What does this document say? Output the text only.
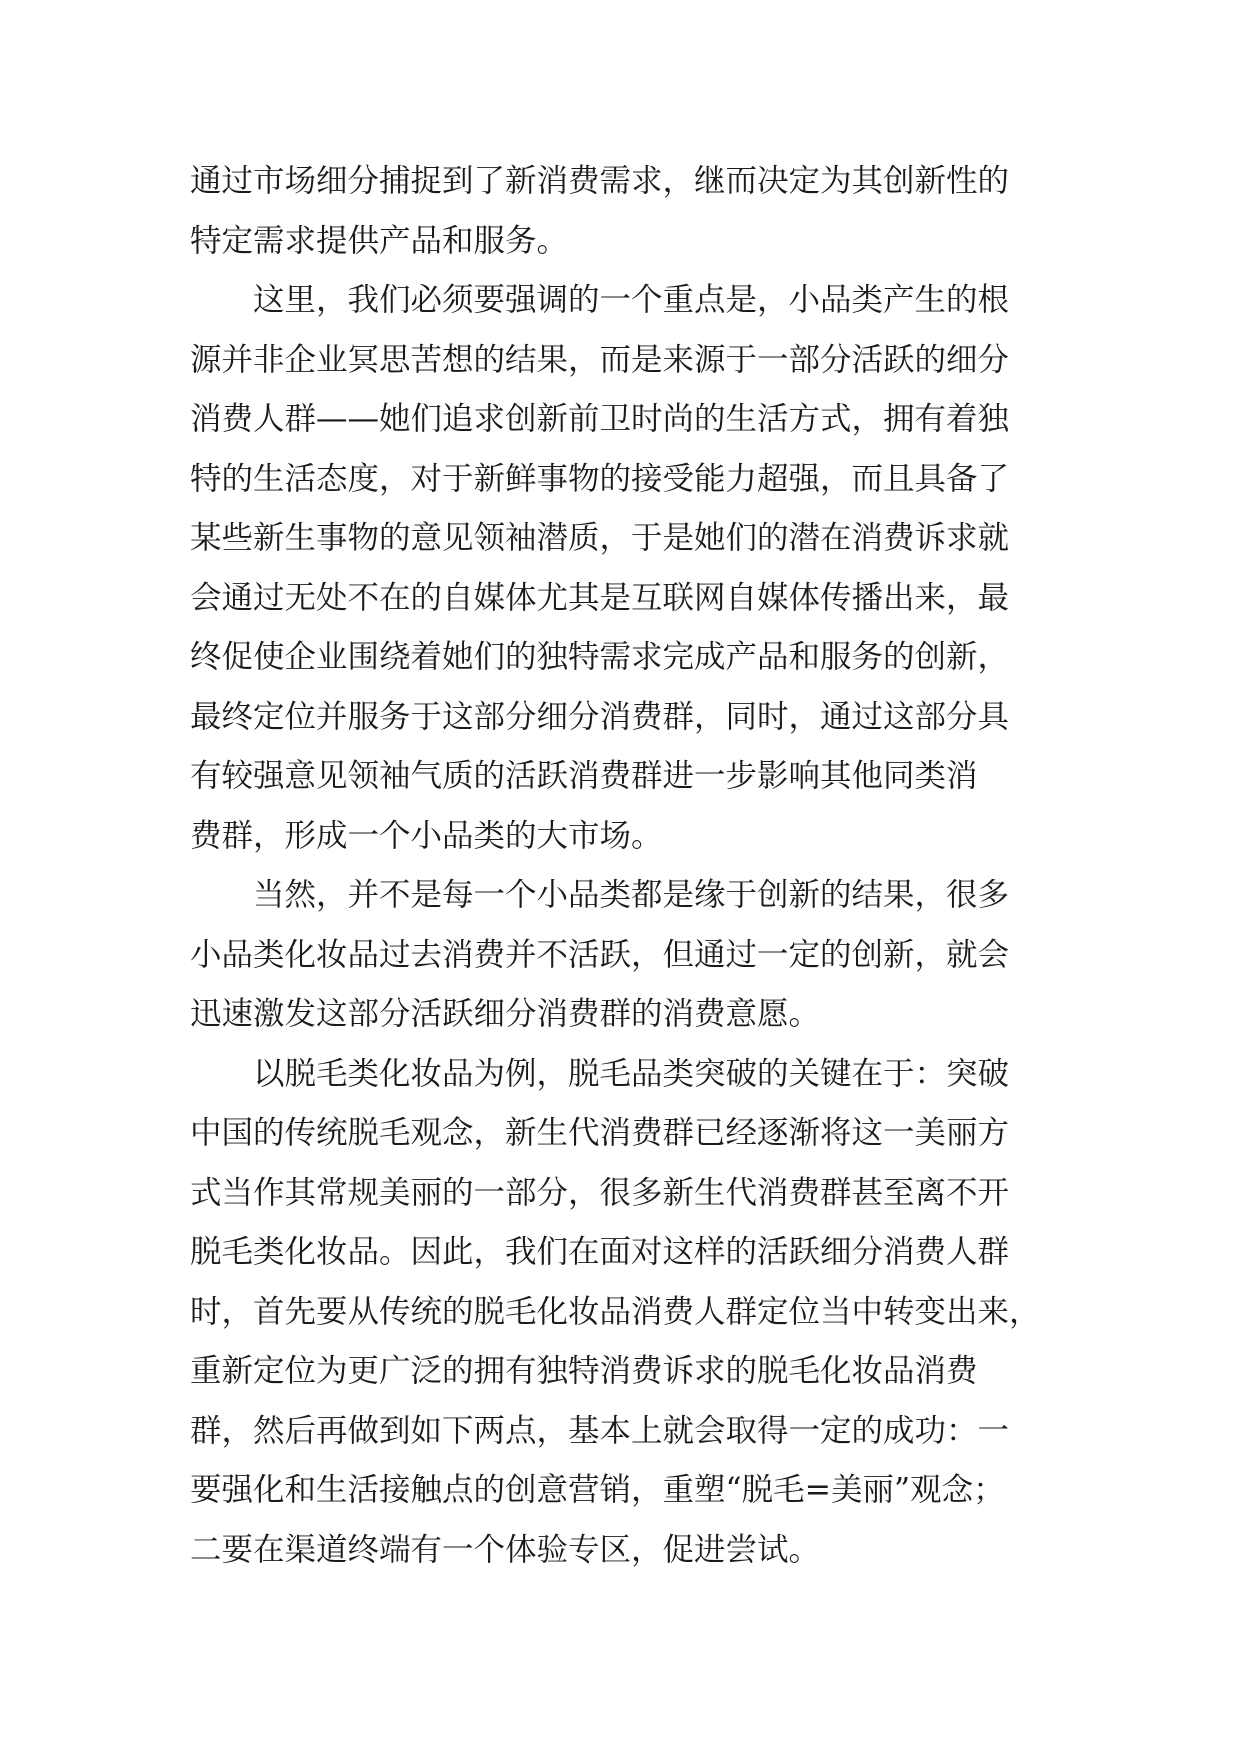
通过市场细分捕捉到了新消费需求，继而决定为其创新性的
特定需求提供产品和服务。
这里，我们必须要强调的一个重点是，小品类产生的根
源并非企业冥思苦想的结果，而是来源于一部分活跃的细分
消费人群——她们追求创新前卫时尚的生活方式，拥有着独
特的生活态度，对于新鲜事物的接受能力超强，而且具备了
某些新生事物的意见领袖潜质，于是她们的潜在消费诉求就
会通过无处不在的自媒体尤其是互联网自媒体传播出来，最
终促使企业围绕着她们的独特需求完成产品和服务的创新，
最终定位并服务于这部分细分消费群，同时，通过这部分具
有较强意见领袖气质的活跃消费群进一步影响其他同类消
费群，形成一个小品类的大市场。
当然，并不是每一个小品类都是缘于创新的结果，很多
小品类化妆品过去消费并不活跃，但通过一定的创新，就会
迅速激发这部分活跃细分消费群的消费意愿。
以脱毛类化妆品为例，脱毛品类突破的关键在于：突破
中国的传统脱毛观念，新生代消费群已经逐渐将这一美丽方
式当作其常规美丽的一部分，很多新生代消费群甚至离不开
脱毛类化妆品。因此，我们在面对这样的活跃细分消费人群
时，首先要从传统的脱毛化妆品消费人群定位当中转变出来，
重新定位为更广泛的拥有独特消费诉求的脱毛化妆品消费
群，然后再做到如下两点，基本上就会取得一定的成功：一
要强化和生活接触点的创意营销，重塑“脱毛=美丽”观念；
二要在渠道终端有一个体验专区，促进尝试。
